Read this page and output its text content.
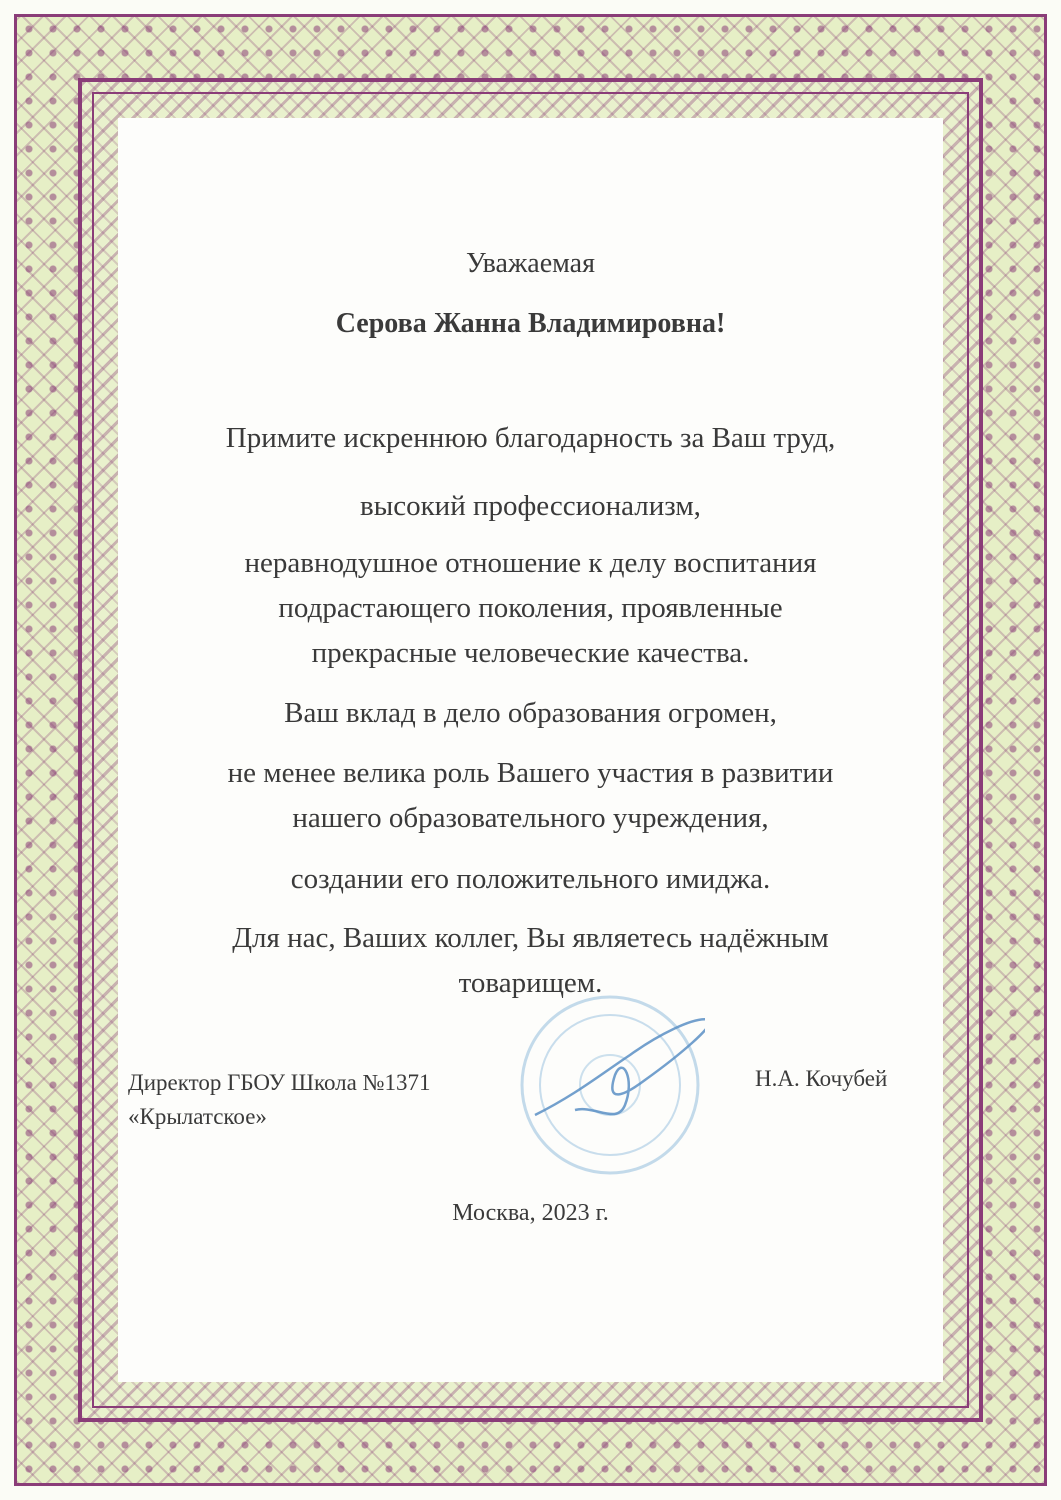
Уважаемая
Серова Жанна Владимировна!
Примите искреннюю благодарность за Ваш труд,
высокий профессионализм,
неравнодушное отношение к делу воспитания
подрастающего поколения, проявленные
прекрасные человеческие качества.
Ваш вклад в дело образования огромен,
не менее велика роль Вашего участия в развитии
нашего образовательного учреждения,
создании его положительного имиджа.
Для нас, Ваших коллег, Вы являетесь надёжным
товарищем.
Директор ГБОУ Школа №1371
«Крылатское»
Н.А. Кочубей
Москва, 2023 г.
